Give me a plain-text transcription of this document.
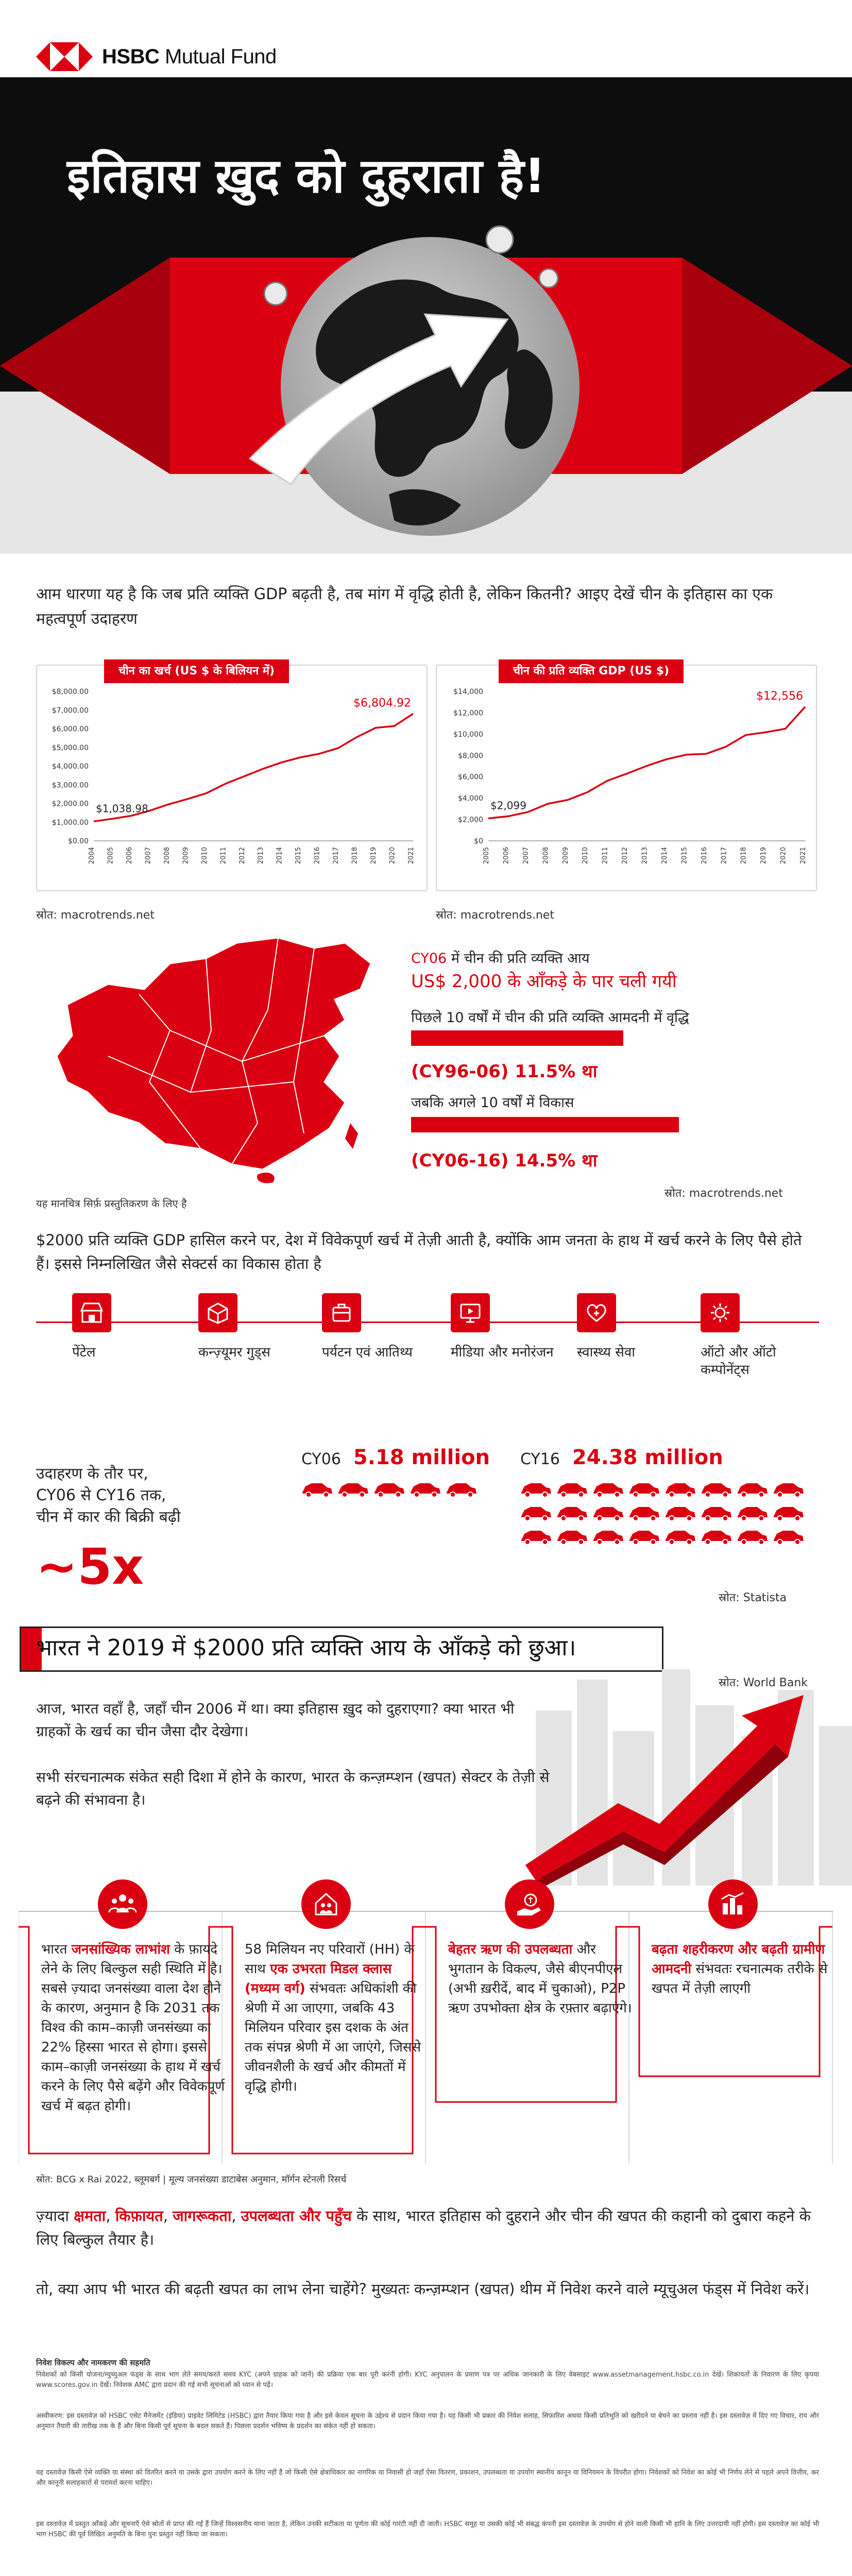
HSBC Mutual Fund
इतिहास ख़ुद को दुहराता है!

आम धारणा यह है कि जब प्रति व्यक्ति GDP बढ़ती है, तब मांग में वृद्धि होती है, लेकिन कितनी? आइए देखें चीन के इतिहास का एक महत्वपूर्ण उदाहरण

चीन का खर्च (US $ के बिलियन में)
$0.00
$1,000.00
$2,000.00
$3,000.00
$4,000.00
$5,000.00
$6,000.00
$7,000.00
$8,000.00
2004 2005 2006 2007 2008 2009 2010 2011 2012 2013 2014 2015 2016 2017 2018 2019 2020 2021
$1,038.98
$6,804.92
चीन की प्रति व्यक्ति GDP (US $)
$0
$2,000
$4,000
$6,000
$8,000
$10,000
$12,000
$14,000
2005 2006 2007 2008 2009 2010 2011 2012 2013 2014 2015 2016 2017 2018 2019 2020 2021
$2,099
$12,556
स्रोत: macrotrends.net	स्रोत: macrotrends.net
यह मानचित्र सिर्फ़ प्रस्तुतिकरण के लिए है
CY06 में चीन की प्रति व्यक्ति आय
US$ 2,000 के आँकड़े के पार चली गयी
पिछले 10 वर्षों में चीन की प्रति व्यक्ति आमदनी में वृद्धि
(CY96-06) 11.5% था
जबकि अगले 10 वर्षों में विकास
(CY06-16) 14.5% था
स्रोत: macrotrends.net

$2000 प्रति व्यक्ति GDP हासिल करने पर, देश में विवेकपूर्ण खर्च में तेज़ी आती है, क्योंकि आम जनता के हाथ में खर्च करने के लिए पैसे होते हैं। इससे निम्नलिखित जैसे सेक्टर्स का विकास होता है

पेंटेल	कन्ज़्यूमर गुड्स	पर्यटन एवं आतिथ्य	मीडिया और मनोरंजन	स्वास्थ्य सेवा	ऑटो और ऑटो कम्पोनेंट्स
उदाहरण के तौर पर,
CY06 से CY16 तक,
चीन में कार की बिक्री बढ़ी
~5x
CY06 5.18 million CY16 24.38 million
स्रोत: Statista
भारत ने 2019 में $2000 प्रति व्यक्ति आय के आँकड़े को छुआ।
स्रोत: World Bank

आज, भारत वहाँ है, जहाँ चीन 2006 में था। क्या इतिहास ख़ुद को दुहराएगा? क्या भारत भी ग्राहकों के खर्च का चीन जैसा दौर देखेगा।

सभी संरचनात्मक संकेत सही दिशा में होने के कारण, भारत के कन्ज़म्प्शन (खपत) सेक्टर के तेज़ी से बढ़ने की संभावना है।

भारत जनसांख्यिक लाभांश के फ़ायदे लेने के लिए बिल्कुल सही स्थिति में है। सबसे ज़्यादा जनसंख्या वाला देश होने के कारण, अनुमान है कि 2031 तक विश्व की काम–काज़ी जनसंख्या का 22% हिस्सा भारत से होगा। इससे काम–काज़ी जनसंख्या के हाथ में खर्च करने के लिए पैसे बढ़ेंगे और विवेकपूर्ण खर्च में बढ़त होगी।
58 मिलियन नए परिवारों (HH) के साथ एक उभरता मिडल क्लास (मध्यम वर्ग) संभवतः अधिकांशी की श्रेणी में आ जाएगा, जबकि 43 मिलियन परिवार इस दशक के अंत तक संपन्न श्रेणी में आ जाएंगे, जिससे जीवनशैली के खर्च और कीमतों में वृद्धि होगी।
बेहतर ऋण की उपलब्धता और भुगतान के विकल्प, जैसे बीएनपीएल (अभी ख़रीदें, बाद में चुकाओ), P2P ऋण उपभोक्ता क्षेत्र के रफ़्तार बढ़ाएंगे।
बढ़ता शहरीकरण और बढ़ती ग्रामीण आमदनी संभवतः रचनात्मक तरीके से खपत में तेज़ी लाएगी
स्रोत: BCG x Rai 2022, ब्लूमबर्ग | मूल्य जनसंख्या डाटाबेस अनुमान, मॉर्गन स्टेनली रिसर्च

ज़्यादा क्षमता, किफ़ायत, जागरूकता, उपलब्धता और पहुँच के साथ, भारत इतिहास को दुहराने और चीन की खपत की कहानी को दुबारा कहने के लिए बिल्कुल तैयार है।

तो, क्या आप भी भारत की बढ़ती खपत का लाभ लेना चाहेंगे? मुख्यतः कन्ज़म्प्शन (खपत) थीम में निवेश करने वाले म्यूचुअल फंड्स में निवेश करें।

निवेश विकल्प और नामकरण की सहमति

निवेशकों को किसी योजना/म्युच्युअल फंड्स के साथ भाग लेते समय/करते समय KYC (अपने ग्राहक को जानें) की प्रक्रिया एक बार पूरी करनी होगी। KYC अनुपालन के प्रमाण पत्र पर अधिक जानकारी के लिए वेबसाइट www.assetmanagement.hsbc.co.in देखें। शिकायतों के निवारण के लिए कृपया www.scores.gov.in देखें। निवेशक AMC द्वारा प्रदान की गई सभी सूचनाओं को ध्यान से पढ़ें।

अस्वीकरण: इस दस्तावेज़ को HSBC एसेट मैनेजमेंट (इंडिया) प्राइवेट लिमिटेड (HSBC) द्वारा तैयार किया गया है और इसे केवल सूचना के उद्देश्य से प्रदान किया गया है। यह किसी भी प्रकार की निवेश सलाह, सिफ़ारिश अथवा किसी प्रतिभूति को खरीदने या बेचने का प्रस्ताव नहीं है। इस दस्तावेज़ में दिए गए विचार, राय और अनुमान तैयारी की तारीख तक के हैं और बिना किसी पूर्व सूचना के बदल सकते हैं। पिछला प्रदर्शन भविष्य के प्रदर्शन का संकेत नहीं हो सकता।

यह दस्तावेज़ किसी ऐसे व्यक्ति या संस्था को वितरित करने या उसके द्वारा उपयोग करने के लिए नहीं है जो किसी ऐसे क्षेत्राधिकार का नागरिक या निवासी हो जहाँ ऐसा वितरण, प्रकाशन, उपलब्धता या उपयोग स्थानीय कानून या विनियमन के विपरीत होगा। निवेशकों को निवेश का कोई भी निर्णय लेने से पहले अपने वित्तीय, कर और कानूनी सलाहकारों से परामर्श करना चाहिए।

इस दस्तावेज़ में प्रस्तुत आँकड़े और सूचनाएँ ऐसे स्रोतों से प्राप्त की गई हैं जिन्हें विश्वसनीय माना जाता है, लेकिन उनकी सटीकता या पूर्णता की कोई गारंटी नहीं दी जाती। HSBC समूह या उसकी कोई भी संबद्ध कंपनी इस दस्तावेज़ के उपयोग से होने वाली किसी भी हानि के लिए उत्तरदायी नहीं होगी। इस दस्तावेज़ का कोई भी भाग HSBC की पूर्व लिखित अनुमति के बिना पुनः प्रस्तुत नहीं किया जा सकता।
